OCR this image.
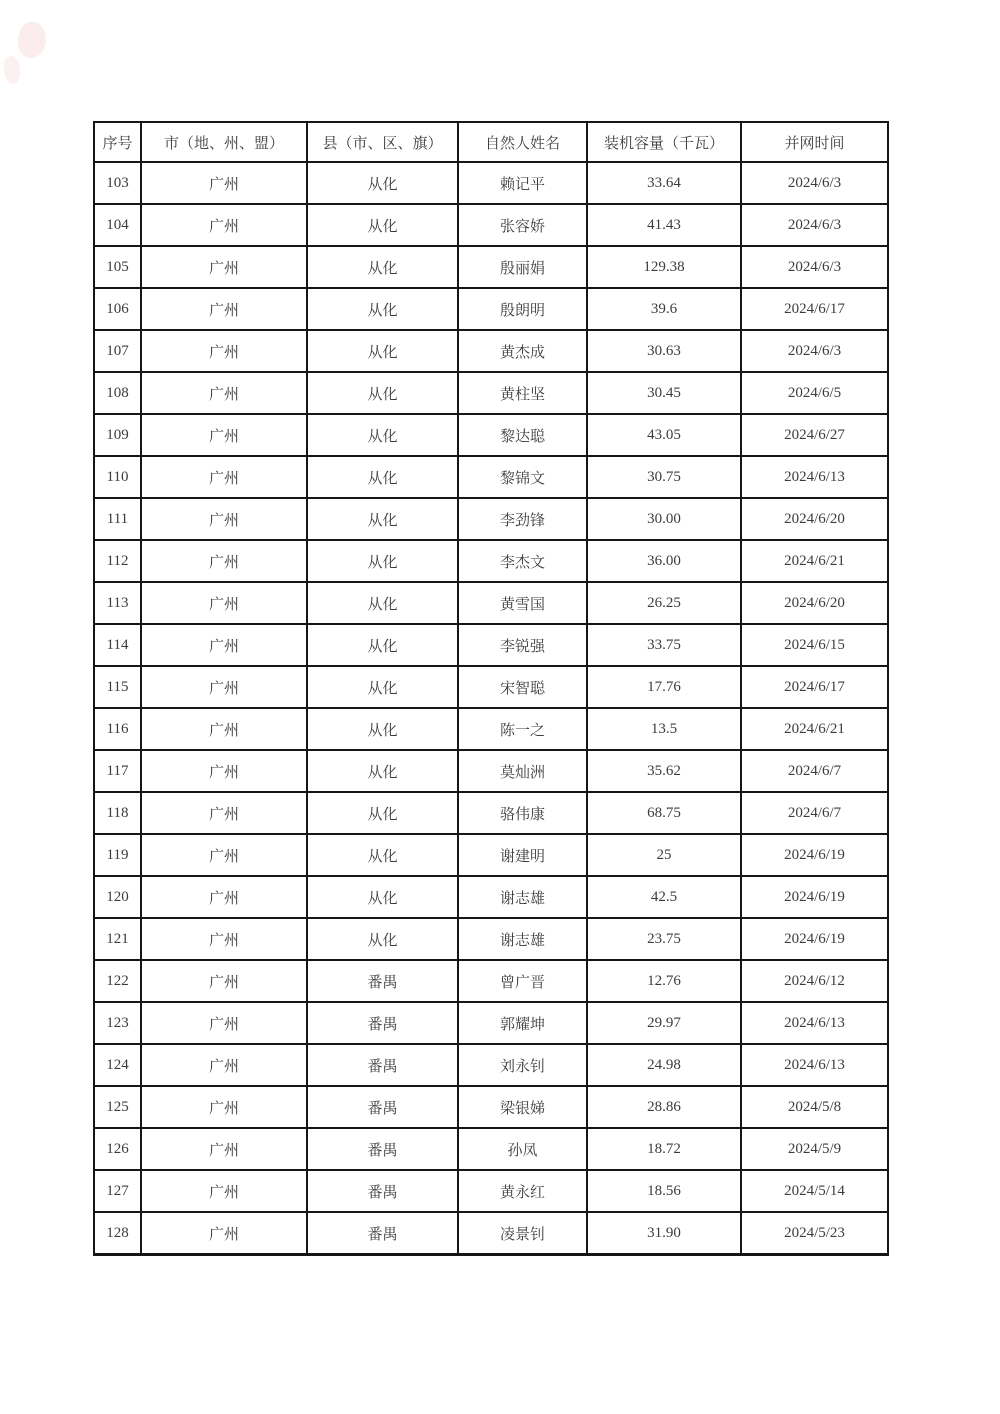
序号	市（地、州、盟）	县（市、区、旗）	自然人姓名	装机容量（千瓦）	并网时间
103	广州	从化	赖记平	33.64	2024/6/3
104	广州	从化	张容娇	41.43	2024/6/3
105	广州	从化	殷丽娟	129.38	2024/6/3
106	广州	从化	殷朗明	39.6	2024/6/17
107	广州	从化	黄杰成	30.63	2024/6/3
108	广州	从化	黄柱坚	30.45	2024/6/5
109	广州	从化	黎达聪	43.05	2024/6/27
110	广州	从化	黎锦文	30.75	2024/6/13
111	广州	从化	李劲锋	30.00	2024/6/20
112	广州	从化	李杰文	36.00	2024/6/21
113	广州	从化	黄雪国	26.25	2024/6/20
114	广州	从化	李锐强	33.75	2024/6/15
115	广州	从化	宋智聪	17.76	2024/6/17
116	广州	从化	陈一之	13.5	2024/6/21
117	广州	从化	莫灿洲	35.62	2024/6/7
118	广州	从化	骆伟康	68.75	2024/6/7
119	广州	从化	谢建明	25	2024/6/19
120	广州	从化	谢志雄	42.5	2024/6/19
121	广州	从化	谢志雄	23.75	2024/6/19
122	广州	番禺	曾广晋	12.76	2024/6/12
123	广州	番禺	郭耀坤	29.97	2024/6/13
124	广州	番禺	刘永钊	24.98	2024/6/13
125	广州	番禺	梁银娣	28.86	2024/5/8
126	广州	番禺	孙凤	18.72	2024/5/9
127	广州	番禺	黄永红	18.56	2024/5/14
128	广州	番禺	凌景钊	31.90	2024/5/23
